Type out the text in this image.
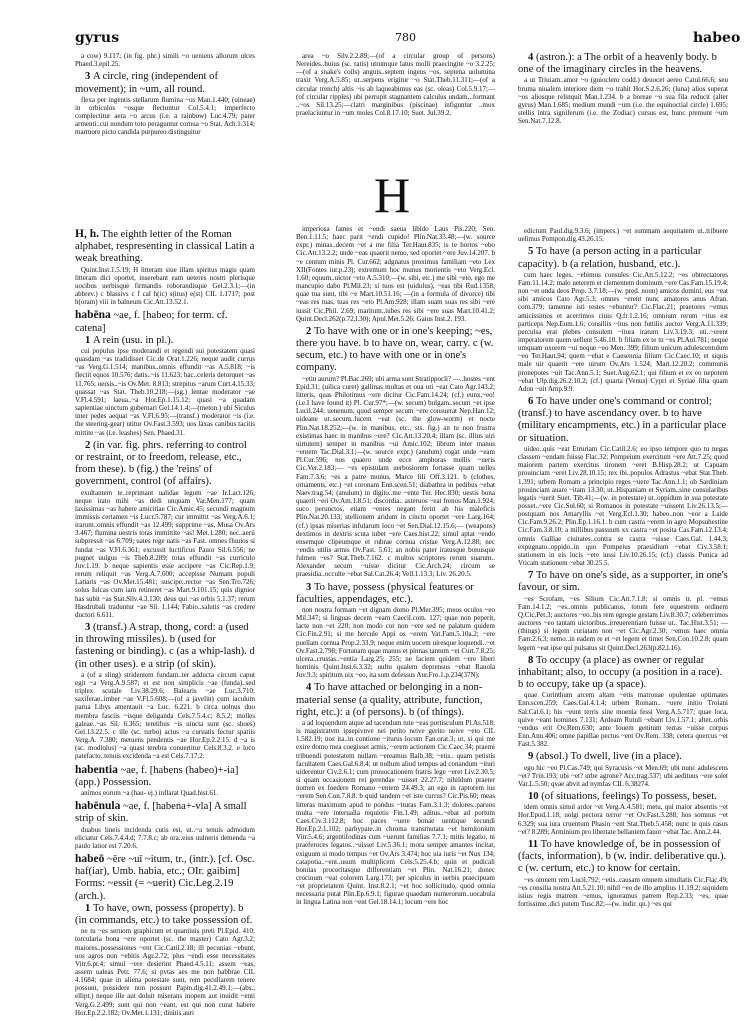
gyrus	780	habeo

a cow) 9.117; (in fig. phr.) simili ~o ueniens allorum ulces Phaed.3.epil.25.

3 A circle, ring (independent of movement); in ~um, all round.

flexa per ingentis stellarum flumina ~os Man.1.440; (uineae) in orbiculos ~osque flectuntur Col.5.4.1; imperfecto complectitur aera ~o arcus (i.e. a rainbow) Luc.4.79; pater armenti..cui nondum toto peraguntur cornua ~o Stat. Ach.1.314; marmore picto candida purpureo distinguitur

area ~o Silv.2.2.89;—(of a circular group of persons) Nereides..huius (sc. ratis) utrumque latus molli praecingite ~o 3.2.25;—(of a snake's coils) anguis..septem ingens ~os, septena uolumina traxit Verg.A.5.85; ut..serpens erigitur ~o Stat.Theb.11.311;—(of a circular trench) altis ~is ab laqueabimus eas (sc. oleas) Col.5.9.17;—(of circular ripples) ubi perrupit stagnantem calculus undam,..formant ..~os Sil.13.25;—clatri marginibus (piscinae) infiguntur ..mox praelaciuntur in ~um moles Col.8.17.10; Suet. Jul.39.2.

4 (astron.): a The orbit of a heavenly body. b one of the imaginary circles in the heavens.

a ut Triuiam..amor ~o (guioclero codd.) deuocet aereo Catul.66.6; seu bruma niualem interiore diem ~o trahit Hor.S.2.6.26; (luna) alios superat ~os aliosque relinquit Man.1.234. b a boreae ~o sua fila reducit (alter gyrus) Man.1.685; medium mundi ~um (i.e. the equinoctial circle) 1.695; stellis intra signiferum (i.e. the Zodiac) cursus est, hunc premunt ~um Sen.Nat.7.12.8.

H

H, h. The eighth letter of the Roman alphabet, respresenting in classical Latin a weak breathing.

Quint.Inst.1.5.19; H litteram siue illam spiritus magis quam litteram dici oportet, inserebant eam ueteres nostri plerisque uocibus uerbisque firmandis roborandisque Gel.2.3.1;—(in abbrev.) c blassivs c f cal h(ic) s(itus) e(st) CIL 1.1717; post h(oram) viii in balneum Cic.Att.13.52.1.

habēna ~ae, f. [habeo; for term. cf. catena]

1 A rein (usu. in pl.).

cui populus ipse moderandi et regendi sui potestatem quasi quasdam ~as tradidisset Cic.de Orat.1.226; neque audit currus ~as Verg.G.1.514; manibus..omnis effundit ~as A.5.818; ~is flectit equos 10.576; datis..~is 11.623; bac..celeris detorquet ~as 11.765; uersis..~is Ov.Met. 8.813; strepitus ~arum Curt.4.15.33; quassat ~as Stat. Theb.10.218;—(sg.) lentae moderator ~ae V.Fl.4.591; laeua..~a Hor.Ep.1.15.12; quasi ~a quadam sapientiae uinctum gubernari Gel.14.1.4;—(meton.) ubi Siculus inter pedes aequat ~as V.Fl.6.95;—(transf.) moderator ~is (i.e. the steering-gear) utitur Ov.Fast.3.593; uos laxas canibus tacitis mittite ~as (i.e. leashes) Sen. Phaed.31.

2 (in var. fig. phrs. referring to control or restraint, or to freedom, release, etc., from these). b (fig.) the 'reins' of government, control (of affairs).

exultantem te..reprimant ualidae legum ~ae Ir.Lact.126; neque irato mihi ~as dedi unquam Var.Men.177; quam laxissimas ~as habere amicitiae Cic.Amic.45; secundi magnum immissis certamen ~is Lucr.5.787; cur immittit ~as Verg.A.6.1; irarum..omnis effundit ~as 12.499; supprime ~as, Musa Ov.Ars 3.467; flumina uestris totas immittite ~as! Met.1.280; nec..aerii subpressit ~as 6.709; uates rege uatis ~as Fast. omnes fluuios si fundat ~as V.Fl.6.361; excussit luctificus Pauor Sil.6.556; ne pugnet uulgus ~is Theb.8.289; totas effundit ~as curriculo Juv.1.19. b neque sapientis esse accipere ~as Cic.Rep.1.9; rerum reliquit ~as Verg.A.7.600; accepisse Numam populi Latiaris ~as Ov.Met.15.481; suscipe..rector ~as Sen.Tro.726; solus Iulcas cum iam retineret ~as Mart.9.101.15; quis dignior has subit ~as Stat.Silv.4.3.130; deus qui ~as orbis 5.1.37; rerum Hasdrubali traduntur ~ae Sil. 1.144; Fabio..salutis ~as credere ductori 6.611.

3 (transf.) A strap, thong, cord: a (used in throwing missiles). b (used for fastening or binding). c (as a whip-lash). d (in other uses). e a strip (of skin).

a (of a sling) stridentem fundam..ter adducta circum caput egit ~a Verg.A.9.587; et est non simplicis ~ae (funda)..sed triplex scutale Liv.38.29.6; Balearis ~ae Luc.3.710; saxiferae..imber ~ae V.Fl.5.608;—(of a javelin) cum iaculum parua Libys amentauit ~a Luc. 6.221. b circa uolnus duo membra fasciis ~isque deliganda Cels.7.5.4.c; 8.5.2; molles galeae..~as Sil. 6.365; teretibus ~is uincta sunt (sc. shoes) Gel.13.22.5. c ille (sc. turbo) actus ~a curuatis fectur spatiis Verg.A. 7.380; metuens pendentis ~ae Hor.Ep.2.2.15. d ~a is (sc. modiolus) ~a quasi terebra conuertitur Cels.8.3.2. e loco patefacto..tenuis excidenda ~a est Cels.7.17.2.

habentia ~ae, f. [habens (habeo)+-ia] (app.) Possession.

animos eorum ~a (hau- ej.) inflarat Quad.hist.61.

habēnula ~ae, f. [habena+-vla] A small strip of skin.

duabus lineis incidenda cutis est, ut..~a tenuis admodum eliciatur Cels.7.4.4.d; 7.7.8.c; ab ora..eius uulneris demenda ~a paulo latior est 7.20.6.

habeō ~ēre ~uī ~itum, tr., (intr.). [cf. Osc. haf(iar), Umb. habia, etc.; OIr. gaibim] Forms: ~essit (= ~uerit) Cic.Leg.2.19 (arch.).

1 To have, own, possess (property). b (in commands, etc.) to take possession of.

ne tu ~es seruom graphicum et quantiuis preti Pl.Epid. 410; torcularia bona ~ere oportet (sc. the master) Cato Agr.3.2; maiores..possessiones ~ent Cic.Catil.2.18; ill pecunias ~ebunt, uos agros non ~ebitis Agr.2.72; plus ~endi esse necessitates Vitr.6.pr.4; simul ~ere desierint Phaed.4.5.11; assem ~eas, assem ualeas Petr. 77.6; si pvtas aes me non habbrae CIL 4.1684; quae in aliena potestate sunt, rem peculiarem tenere possunt, possidere non possunt Papin.dig.41.2.49.1;—(abs., ellipt.) neque ille aut doluit miserans inopem aut inuidit ~enti Verg.G.2.499; sunt qui non ~eant, est qui non curat habere Hor.Ep.2.2.182; Ov.Met.1.131; diuitis auri

imperiosa fames et ~endi saeua libido Laus Pis.220; Sen. Ben.1.11.5; haec parit ~endi cupido! Plin.Nat.33.48;—(w. source expr.) minas..decem ~et a me filia Ter.Haut.835; is te hortos ~ebo Cic.Att.13.2.2; unde ~eas quaerit nemo, sed oportet ~ere Juv.14.207. b ~e centum minis Pl. Cur.662; adgnatus proximus familiam ~eto Lex XII(Fontes iur.p.23); extremum hoc munus morientis ~eto Verg.Ecl. 1.60; equum..uictor ~eto A.5.310;—(w. sibi, etc.) me sibi ~eto, ego me mancupio dabo Pl.Mil.23; si tuos est (uidulus), ~eas tibi Rud.1358; quae tua sunt, tibi ~e Mart.10.51.16; —(in a formula of divorce) tibi ~eas res tuas, tuas res ~eto Pl.Am.928; illam suam suas res sibi ~ere iussit Cic.Phil. 2.69; maritum..iubes res sibi ~ere suas Mart.10.41.2; Quint.Decl.262(p.72,l.30); Apul.Met.5.26; Gaius Inst.2. 193.

2 To have with one or in one's keeping; ~es, there you have. b to have on, wear, carry. c (w. secum, etc.) to have with one or in one's company.

~etin aurum? Pl.Bac.269; ubi arma sunt Stratippocli? —..hostes ~ent Epid.31; (uilica curet) gallinas multas et oua uti ~eat Cato Agr.143.2; litteris, quas Philotimus ~ere dicitur Cic.Fam.14.24; (cf.) eunx,~eo! (i.e.I have found it) Pl. Cur.97*;—(w. secum) bulgam..secum ~et ipse Lucil.244; uenenum, quod semper secum ~ere consuerat Nep.Han.12; uideane ut..secum..lucem ~eat (sc. the glow-worm) et nocte Plin.Nat.18.252;—(w. in manibus, etc., sts. fig.) an tu non frustra existimas haec in manibus ~ere? Cic.Att.13.20.4; illam (sc. illius uiri uirtutem) semper in manibus ~ui Amic.102; librum inter manus ~entem Tac.Dial.3.1;—(w. source expr.) (anulum) rogat unde ~eam Pl.Cur.596; nos quaero unde ecce amphoras mellis ~ueris Cic.Ver.2.183;— ~es epistulam uerbosiorem fortasse quam uelles Fam.7.3.6; ~es a patre munus, Marce fili Off.3.121. b (clothes, ornaments, etc.) ~et coronam Enn.scen.51; diabathra in pedibus ~ebat Naev.trag.54; (anulum) in digito..me ~ente Ter. Hec.830; uestis bona quaerit ~eri Ov.Am.1.8.51; discordia.. asteruos ~eat frenos Man.1.924; suco perunctos, etiam ~entes negant feriri ab his maleficis Plin.Nat.20.133; stellionem aridum in cinctu oportet ~ere Larg.164; (cf.) ipsas miserias infularum loco ~et Sen.Dial.12.15.6;— (weapons) dextimos in dextris scuta iubet ~ere Caes.hist.22; simul aptat ~endo ensemque clipeumque et rubrae cornua cristae Verg.A.12.88; nec ~endis utilis armis Ov.Fast. 5.61; an nobis pater iratusque bonusque fulmen ~es? Stat.Theb.7.162. c multos scriptores rerum suarum.. Alexander secum ~uisse dicitur Cic.Arch.24; circum se praesidia..occulte ~ebat Sal.Cat.26.4; Vell.1.13.3; Liv. 26.20.5.

3 To have, possess (physical features or faculties, appendages, etc.).

non nostra formam ~et dignam domo Pl.Mer.395; meos oculos ~eo Mil.347; si linguas decem ~eam Caecil.com. 127; quae non peperit, lacte non ~et 220; non modo cor non ~ere sed ne palatum quidem Cic.Fin.2.91; si me hercule Appi os ~erem Vat.Fam.5.10a.2; ~ere puellam cornua Prop.2.33.9; neque enim uocem uiresque loquendi..~et Ov.Fast.2.798; Fortunam quae manus et pinnas tantum ~et Curt.7.8.25; ulcera..crustas..~entia Larg.25; 255; ne faciem quidem ~ere liberi hominis Quint.Inst.6.3.32; uultu qualem deprensus ~ebat Rauola Juv.9.3; spiritum uix ~eo, ita sum defessus Aur.Fro.1.p.234(37N).

4 To have attached or belonging in a non-material sense (a quality, attribute, function, right, etc.): a (of persons). b (of things).

a ad loquendum atque ad tacendum tute ~eas portisculum Pl.As.518; is magistratvm ipsepivnve nei petito neive gerito neive ~eto CIL 1.582.19; uos ita..in contione ~iturus locum Fan.orat.3; ut, si qui me exire domo mea coegisset armis, ~erem actionem Cic.Caec.34; praemi tribuendi potestatem nullam ~ereamus Balb.38; ~etis.. quam petistis facultatem Caes.Gal.6.8.4; ut nullum aliud tempus ad conandum ~ituri uiderentur Civ.2.6.1; cum prouocationem fratris lege ~eret Liv.2.30.5; si quam occasionem rei gerendae ~uisset 22.27.7; nihildum praeter nomen ex foedere Romano ~entem 24.49.3; an ego in raptorem ius ~erem Sen.Con.7.8.8. b quid tandem ~et iste currus? Cic.Pis.60; meas litteras maximum apud te pondus ~ituras Fam.3.1.3; dolores..paruos multa ~ere interualla requietis Fin.1.49; aditus..~ebat ad portum Caes.Civ.3.112.8; hoc paces ~uere bonae uentique secundi Hor.Ep.2.1.102; parhypate..in chroma transmutata ~et hemitonium Vitr.5.4.6; argentifodinas cum ~uerunt familias 7.7.1; mitis legatio, ni praeferoces legatos..~uisset Liv.5.36.1; mora semper amantes incitat, exiguum si modo tempus ~et Ov.Ars 3.474; hoc uia iuris ~et Nux 134; catapotia..~ent..usum multiplicem Cels.5.25.4.b; quin et pudicali bonitas proceritasque differentiam ~et Plin. Nat.16.21; donec crocinum ~eat colorem Larg.173; per spiculus in uerbis praecipuam ~et proprietatem Quint. Inst.8.2.1; ~et hoc sollicitudo, quod omnia necessaria putat Plin.Ep.6.9.1; figurae quaedam numerorum..uocabula in lingua Latina non ~ent Gel.18.14.1; locum ~ere hoc

edictum Paul.dig.9.3.6; (impers.) ~et summam aequitatem ut..tribuere uelimus Pompon.dig.43.26.15.

5 To have (a person acting in a particular capacity). b (a relation, husband, etc.).

cum haec leges, ~ebimus consules Cic.Att.5.12.2; ~es obtrectatores Fam.11.14.2; malo ueterem et clementem dominum ~ere Cas.Fam.15.19.4; non ~et unda deos Prop. 3.7.18;—(w. pred. noun) amicos domini, eus ~eat sibi amicos Cato Agr.5.3; omnes ~erent nunc amatores anus Afran. com.379; tamenne isti testes ~ebuntur? Cic.Flac.21; praetores ~emus amicissimos et acerrimos ciuis Q.fr.1.2.16; omnium rerum ~itus est particeps Nep.Eum.1.6; consiliis ~itus non futtilis auctor Verg.A.11.339; perculsa erat plebes consulem ~itura iratum Liv.3.19.3; uti..~erent imperatorem quem uellent 5.46.10. b filiam ex te tu ~es Pl.Aul.781; neque umquam uxorem ~ui neque ~eo Men. 399; filium unicum adulescentulum ~eo Ter.Haut.94; quem ~ebat e Caesennia filium Cic.Caec.10; et siquis male uir quaerit ~ere uirum Ov.Ars 1.524; Mart.12.20.2; communis pronepotes ~uit Tac.Ann.5.1; Suet.Aug.62.1; qui filium et ex eo nepotem ~ebat Ulp.dig.26.2.10.2; (cf.) quarta (Venus) Cypri et Syriae filia quam Adon ~uit Amp.9.9.

6 To have under one's command or control; (transf.) to have ascendancy over. b to have (military encampments, etc.) in a particular place or situation.

uideo..quis ~eat Etruriam Cic.Catil.2.6; eo ipso tempore quo tu negas classem ~endam fuisse Flac.32; Pompeium exercitum ~ere Att.7.25; quod maiorem partem exercitus tironem ~eret B.Hisp.28.2; ut Capuam prouinciam ~eret Liv.28.10.15; rex ibi..populos Adrastus ~ebat Stat.Theb. 1.391; urbem Romam a principio reges ~uere Tac.Ann.1.1; ob Sardiniam prouinciam auare ~itam 13.30; ut..Hispaniam et Syriam..sine consularibus legatis ~uerit Suet. Tib.41;—(w. in potestate) ut..oppidum in sua potestate posset..~ere Cic.Sul.60; si Romanos in potestate ~uissent Liv.26.13.5;—postquam nos Amaryllis ~et Verg.Ecl.1.30; habeo..non ~eor a Laide Cic.Fam.9.26.2; Plin.Ep.1.16.1. b cum castra ~erem in agro Mopsuhestine Cic.Fam.3.8.10; a millibus passuum xx castra ~et posita Cas.Fam.12.13.4; omnis Galliae ciuitates..contra se castra ~uisse Caes.Gal. 1.44.3; expugnato..oppido..in quo Pompeius praesidium ~ebat Civ.3.58.1; stationem in eis locis ~ere iussi Liv.10.26.15; (cf.) classis Punica ad Vticam stationem ~ebat 30.25.5.

7 To have on one's side, as a supporter, in one's favour, or sim.

~es Scrofam, ~es Silium Cic.Att.7.1.8; si omnis tr. pl. ~emus Fam.14.1.2; ~es..omnis publicanos, totum fere equestrem ordinem Q.Cic.Pet.3; auctores ~eo..bis rem egregie gestam Liv.8.30.7; celeberrimos auctores ~eo tantam uictoribus..irreuerentiam fuisse ut.. Tac.Hist.3.51; —(things) si legem curiatam non ~et Cic.Agr.2.30; ~emus haec omnia Fam.2.6.3; nemo..in eadem re et ~et legem et timet Sen.Con.10.2.8; quam legem ~eat ipse qui pulsatus sit Quint.Decl.263(p.82,l.16).

8 To occupy (a place) as owner or regular inhabitant; also, to occupy (a position in a race). b to occupy, take up (a space).

quae Corinthum arcem altam ~etis matronae opulentae optimates Enn.scen.259; Caes.Gal.4.1.4; urbem Romam.. ~uere initio Troiani Sal.Cat.6.1; his ~eunt terris sine moenia fessi Verg.A.5.717; quae loca, quive ~eant homines 7.131; Ardeam Rutuli ~ebant Liv.1.57.1; alter..orbis ~endus erit Ov.Rem.630; ante Iouem genitum terras ~uisse corpus Enn.Ann.406; omne papillae pectus ~ent Ov.Rem. 338; cetera quercus ~et Fast.5.382.

9 (absol.) To dwell, live (in a place).

ego hic ~eo Pl.Cas.749; qui Syracusis ~et Men.69; ubi nunc adulescens ~et? Trin.193; ubi ~et? urbe agrone? Acc.trag.537; ubi aedituus ~ere solet Var.L.5.50; qvae abvit ad nymfas CIL 6.38274.

10 (of situations, feelings) To possess, beset.

idem omnis simul ardor ~et Verg.A.4.581; metu, qui maior absentis ~et Hor.Epod.1.18; uolgi pectora terror ~et Ov.Fast.3.288; hos somnus ~et 6.329; sua iura cruentum Phasin ~ent Stat.Theb.5.458; nunc te quis casus ~et? 8.289; Arminium pro libertate bellantem fauor ~ebat Tac. Ann.2.44.

11 To have knowledge of, be in possession of (facts, information). b (w. indir. deliberative qu.). c (w. certum, etc.) to know for certain.

~es omnem rem Lucil.792; ~etis..causam omnem simultatis Cic.Flac.49; ~es consilia nostra Att.5.21.10; nihil ~eo de illo amplius 11.19.2; siquidem istius regis matrem ~emus, ignoramus patrem Rep.2.33; ~es, quae fortissime..dici putem Tusc.82;—(w. indir. qu.) ~es qui
